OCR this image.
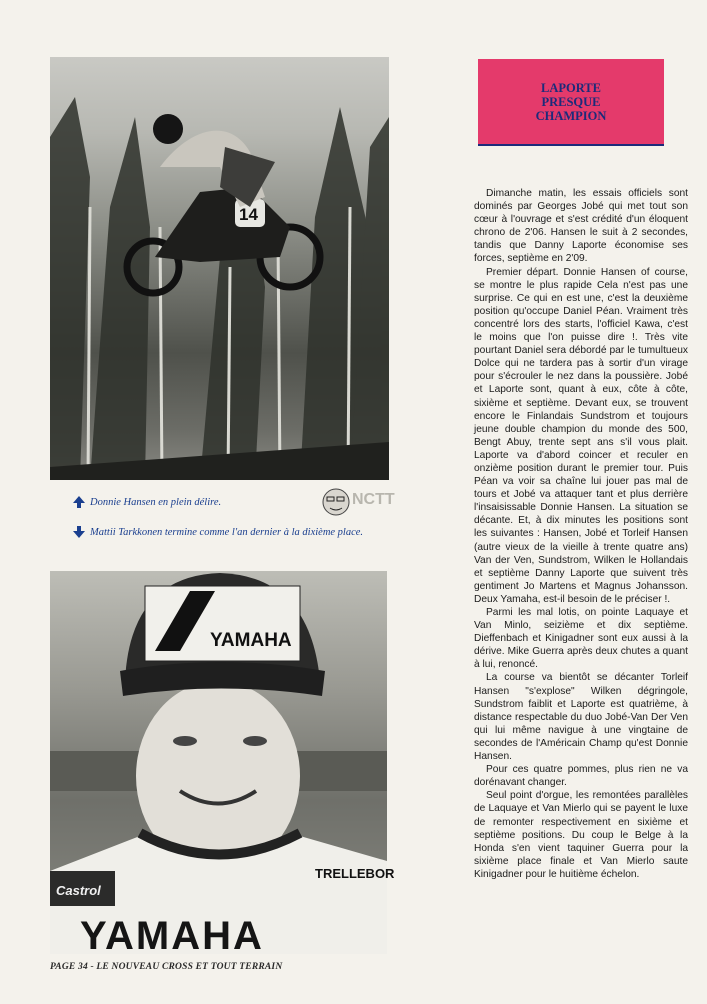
14
NCTT
Donnie Hansen en plein délire.
Mattii Tarkkonen termine comme l'an dernier à la dixième place.
YAMAHA
Castrol
TRELLEBOR
YAMAHA
LAPORTE PRESQUE CHAMPION

Dimanche matin, les essais officiels sont dominés par Georges Jobé qui met tout son cœur à l'ouvrage et s'est crédité d'un éloquent chrono de 2'06. Hansen le suit à 2 secondes, tandis que Danny Laporte économise ses forces, septième en 2'09.

Premier départ. Donnie Hansen of course, se montre le plus rapide Cela n'est pas une surprise. Ce qui en est une, c'est la deuxième position qu'occupe Daniel Péan. Vraiment très concentré lors des starts, l'officiel Kawa, c'est le moins que l'on puisse dire !. Très vite pourtant Daniel sera débordé par le tumultueux Dolce qui ne tardera pas à sortir d'un virage pour s'écrouler le nez dans la poussière. Jobé et Laporte sont, quant à eux, côte à côte, sixième et septième. Devant eux, se trouvent encore le Finlandais Sundstrom et toujours jeune double champion du monde des 500, Bengt Abuy, trente sept ans s'il vous plait. Laporte va d'abord coincer et reculer en onzième position durant le premier tour. Puis Péan va voir sa chaîne lui jouer pas mal de tours et Jobé va attaquer tant et plus derrière l'insaisissable Donnie Hansen. La situation se décante. Et, à dix minutes les positions sont les suivantes : Hansen, Jobé et Torleif Hansen (autre vieux de la vieille à trente quatre ans) Van der Ven, Sundstrom, Wilken le Hollandais et septième Danny Laporte que suivent très gentiment Jo Martens et Magnus Johansson. Deux Yamaha, est-il besoin de le préciser !.

Parmi les mal lotis, on pointe Laquaye et Van Minlo, seizième et dix septième. Dieffenbach et Kinigadner sont eux aussi à la dérive. Mike Guerra après deux chutes a quant à lui, renoncé.

La course va bientôt se décanter Torleif Hansen "s'explose" Wilken dégringole, Sundstrom faiblit et Laporte est quatrième, à distance respectable du duo Jobé-Van Der Ven qui lui même navigue à une vingtaine de secondes de l'Américain Champ qu'est Donnie Hansen.

Pour ces quatre pommes, plus rien ne va dorénavant changer.

Seul point d'orgue, les remontées parallèles de Laquaye et Van Mierlo qui se payent le luxe de remonter respectivement en sixième et septième positions. Du coup le Belge à la Honda s'en vient taquiner Guerra pour la sixième place finale et Van Mierlo saute Kinigadner pour le huitième échelon.

PAGE 34 - LE NOUVEAU CROSS ET TOUT TERRAIN
